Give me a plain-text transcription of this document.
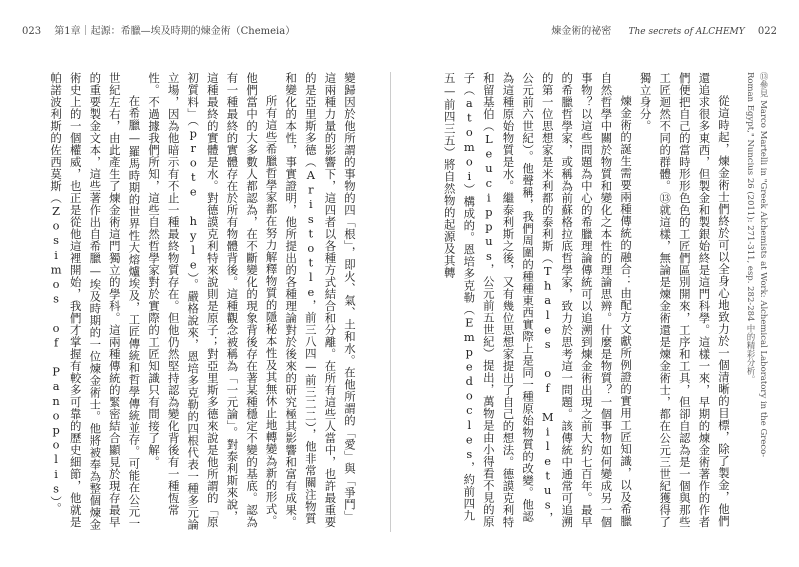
023 第1章｜起源：希臘—埃及時期的煉金術（Chemeia）	煉金術的祕密 The secrets of ALCHEMY 022

從這時起，煉金術士們終於可以全身心地致力於一個清晰的目標，除了製金，他們還追求很多東西，但製金和製銀始終是這門科學。這樣一來，早期的煉金術著作的作者們便把自己的當時形形色色的工匠們區別開來，工序和工具，但卻自認為是一個與那些工匠迴然不同的群體。⑬就這樣，無論是煉金術還是煉金術士，都在公元三世紀獲得了獨立身分。

煉金術的誕生需要兩種傳統的融合：由配方文獻所例證的實用工匠知識，以及希臘自然哲學中關於物質和變化之本性的理論思辨。什麼是物質？一個事物如何變成另一個事物？以這些問題為中心的希臘理論傳統可以追溯到煉金術出現之前大約七百年。最早的希臘哲學家，或稱為前蘇格拉底哲學家，致力於思考這一問題。該傳統中通常可追溯的第一位思想家是米利都的泰利斯（Thales of Miletus，公元前六世紀）。他聲稱，我們周圍的種種東西實際上是同一種原始物質的改變。他認為這種原始物質是水。繼泰利斯之後，又有幾位思想家提出了自己的想法。德謨克利特和留基伯（Leucippus，公元前五世紀）提出，萬物是由小得看不見的原子（atomoi）構成的。恩培多克勒（Empedocles，約前四九五—前四三五）將自然物的起源及其轉	⑬參見 Marco Martelli in "Greek Alchemists at Work: Alchemical Laboratory in the Greco-Roman Egypt," Nuncius 26 (2011): 271-311, esp. 282-284 中的精彩分析。

變歸因於他所謂的事物的四「根」，即火、氣、土和水。在他所謂的「愛」與「爭鬥」這兩種力量的影響下，這四者以各種方式結合和分離。在所有這些人當中，也許最重要的是亞里斯多德（Aristotle，前三八四—前三二二），他非常關注物質和變化的本性，事實證明，他所提出的各種理論對於後來的研究極其影響和富有成果。

所有這些希臘哲學家都在努力解釋物質的隱秘本性及其無休止地轉變為新的形式。他們當中的大多數人都認為，在不斷變化的現象背後存在著某種穩定不變的基底。認為有一種最終的實體存在於所有物體背後。這種觀念被稱為「一元論」。對泰利斯來說，這種最終的實體是水。對德謨克利特來說則是原子；對亞里斯多德來說是他所謂的「原初質料」（prote hyle）。嚴格說來，恩培多克勒的四根代表一種多元論立場，因為他暗示有不止一種最終物質存在。但他仍然堅持認為變化背後有一種恆常性。不過據我們所知，這些自然哲學家對於實際的工匠知識只有間接了解。

在希臘—羅馬時期的世界性大熔爐埃及，工匠傳統和哲學傳統並存。可能在公元一世紀左右，由此產生了煉金術這門獨立的學科。這兩種傳統的緊密結合顯見於現存最早的重要製金文本，這些著作出自希臘—埃及時期的一位煉金術士。他將被奉為整個煉金術史上的一個權威，也正是從他這裡開始，我們才掌握有較多可靠的歷史細節，他就是帕諾波利斯的佐西莫斯（Zosimos of Panopolis）。
